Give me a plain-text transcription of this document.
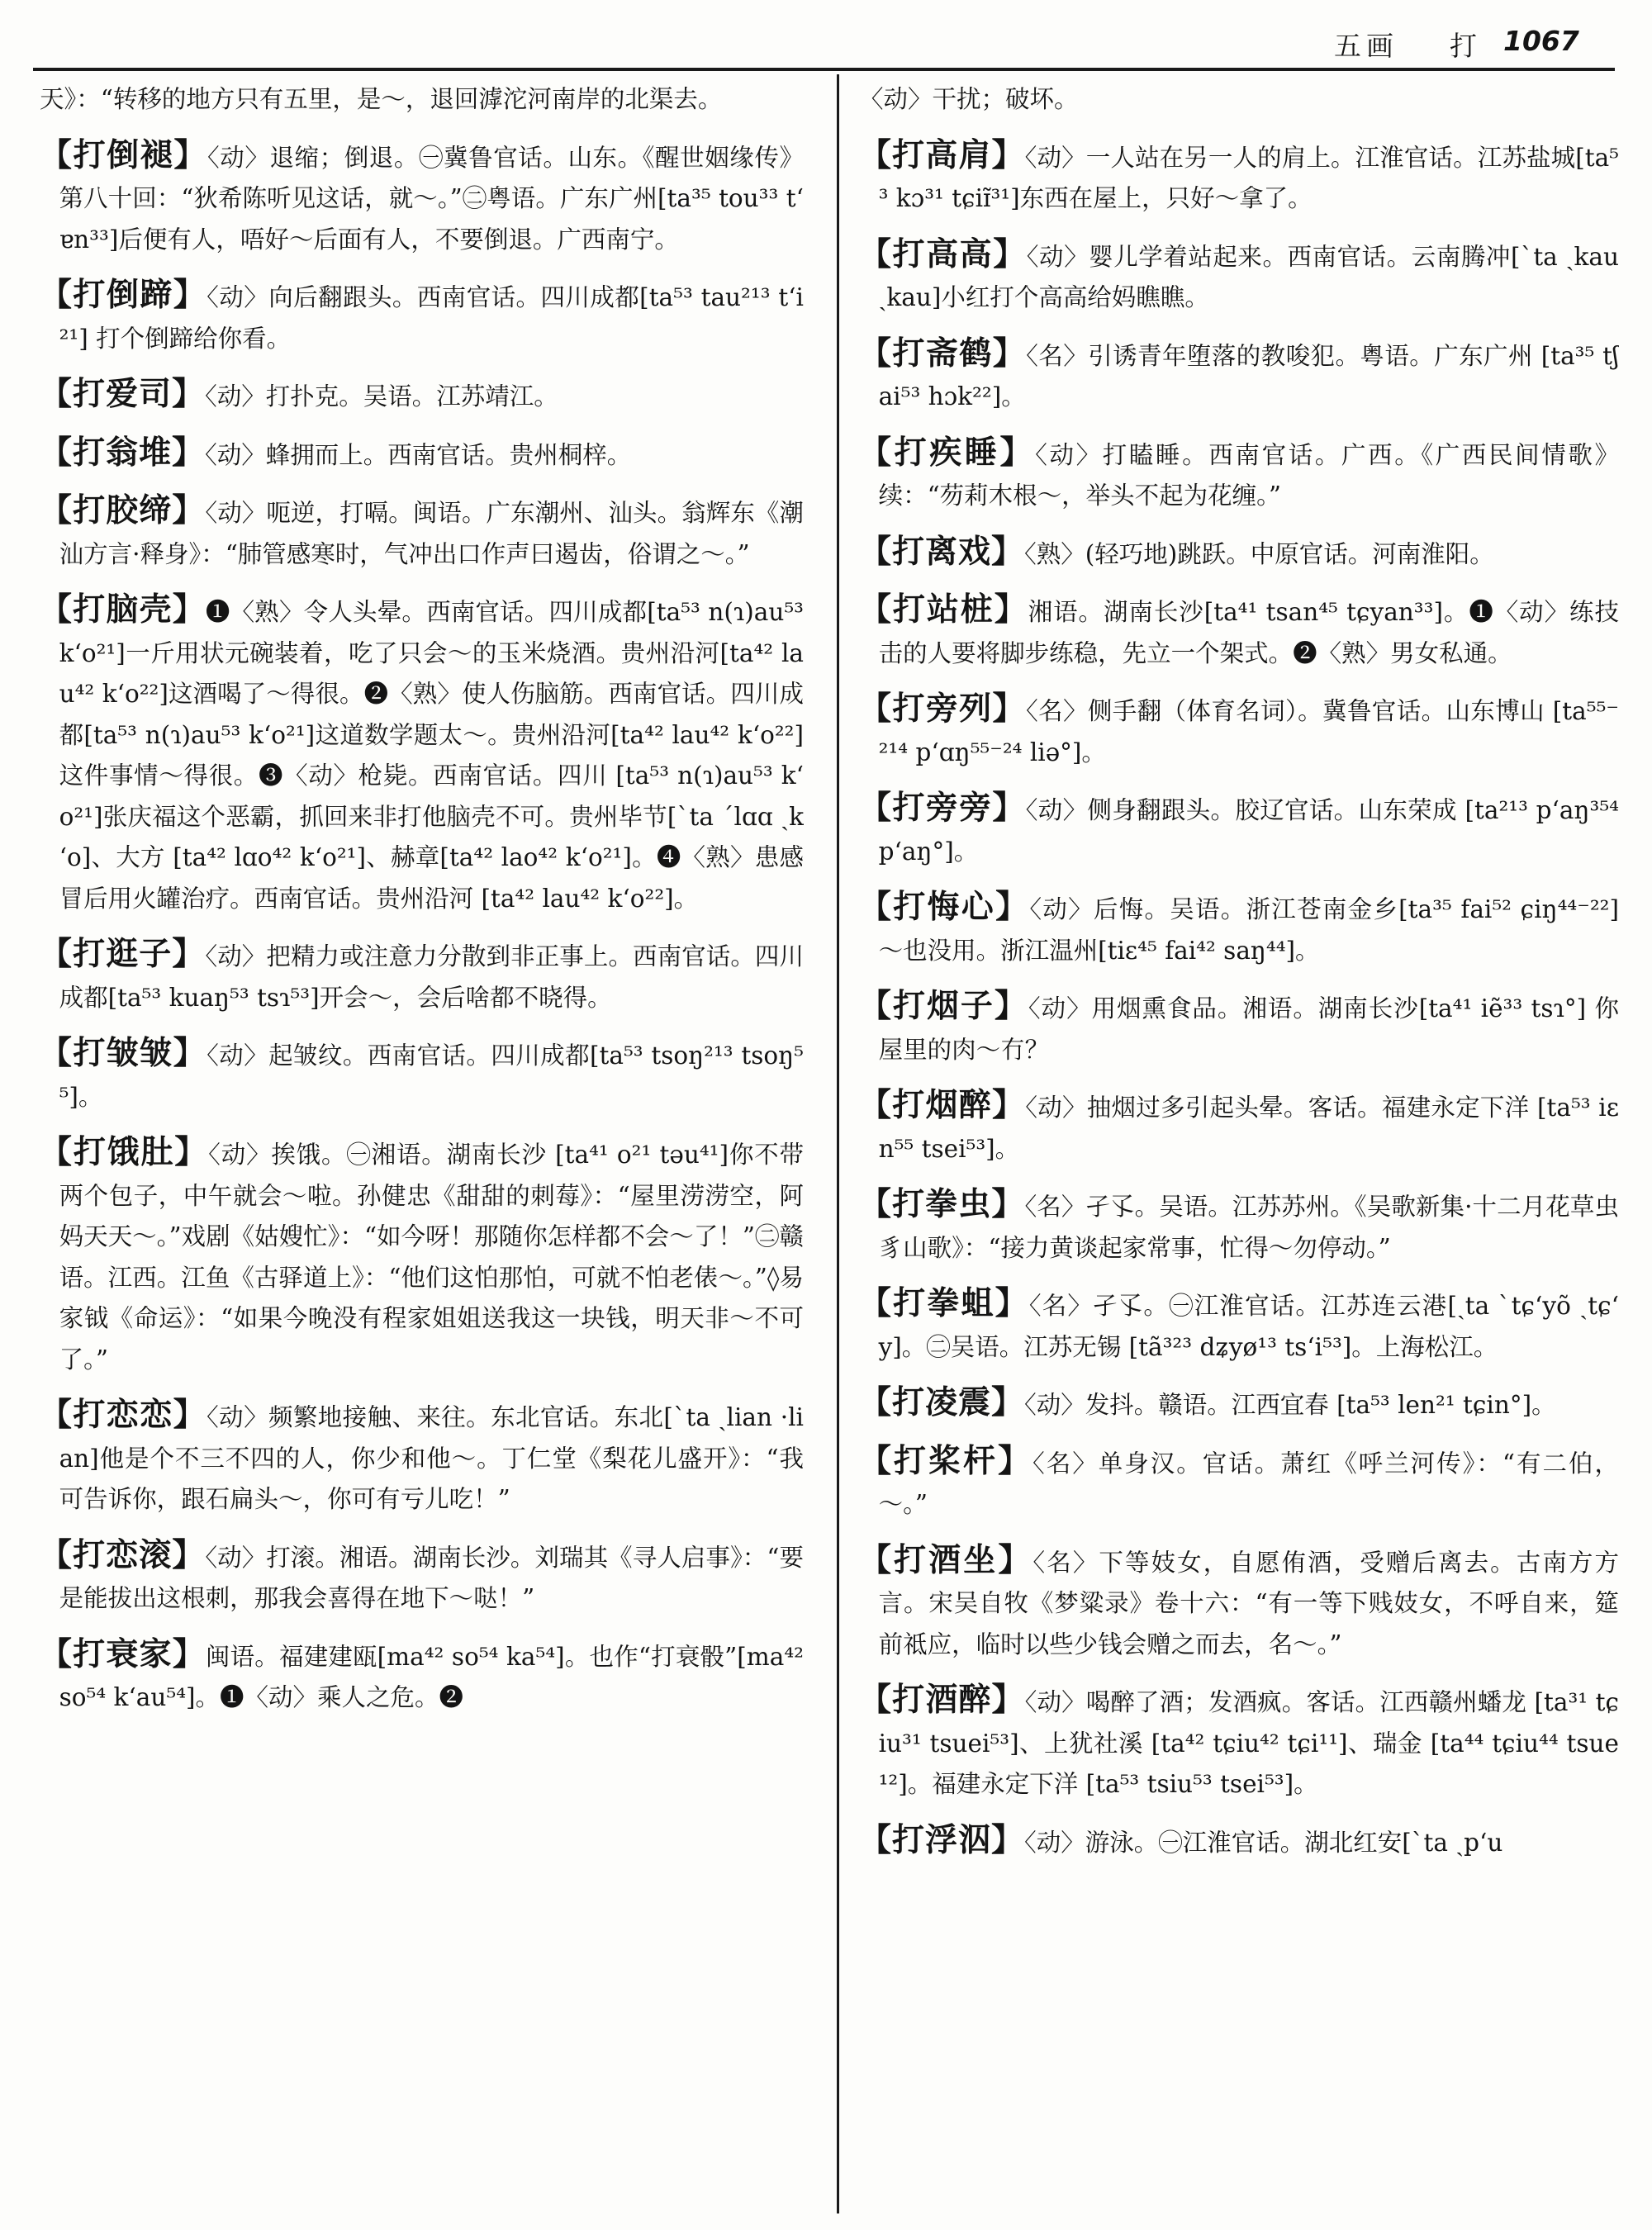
五画 打 1067

天》：“转移的地方只有五里，是～，退回滹沱河南岸的北渠去。

【打倒褪】〈动〉退缩；倒退。㊀冀鲁官话。山东。《醒世姻缘传》第八十回：“狄希陈听见这话，就～。”㊁粤语。广东广州[ta³⁵ tou³³ tʻɐn³³]后便有人，唔好～后面有人，不要倒退。广西南宁。

【打倒蹄】〈动〉向后翻跟头。西南官话。四川成都[ta⁵³ tau²¹³ tʻi²¹] 打个倒蹄给你看。

【打爱司】〈动〉打扑克。吴语。江苏靖江。

【打翁堆】〈动〉蜂拥而上。西南官话。贵州桐梓。

【打胶缔】〈动〉呃逆，打嗝。闽语。广东潮州、汕头。翁辉东《潮汕方言·释身》：“肺管感寒时，气冲出口作声曰遏齿，俗谓之～。”

【打脑壳】❶〈熟〉令人头晕。西南官话。四川成都[ta⁵³ n(ɿ)au⁵³ kʻo²¹]一斤用状元碗装着，吃了只会～的玉米烧酒。贵州沿河[ta⁴² lau⁴² kʻo²²]这酒喝了～得很。❷〈熟〉使人伤脑筋。西南官话。四川成都[ta⁵³ n(ɿ)au⁵³ kʻo²¹]这道数学题太～。贵州沿河[ta⁴² lau⁴² kʻo²²]这件事情～得很。❸〈动〉枪毙。西南官话。四川 [ta⁵³ n(ɿ)au⁵³ kʻo²¹]张庆福这个恶霸，抓回来非打他脑壳不可。贵州毕节[ˋta ˊlɑɑ ˏkʻo]、大方 [ta⁴² lɑo⁴² kʻo²¹]、赫章[ta⁴² lao⁴² kʻo²¹]。❹〈熟〉患感冒后用火罐治疗。西南官话。贵州沿河 [ta⁴² lau⁴² kʻo²²]。

【打逛子】〈动〉把精力或注意力分散到非正事上。西南官话。四川成都[ta⁵³ kuaŋ⁵³ tsɿ⁵³]开会～，会后啥都不晓得。

【打皱皱】〈动〉起皱纹。西南官话。四川成都[ta⁵³ tsoŋ²¹³ tsoŋ⁵⁵]。

【打饿肚】〈动〉挨饿。㊀湘语。湖南长沙 [ta⁴¹ o²¹ təu⁴¹]你不带两个包子，中午就会～啦。孙健忠《甜甜的刺莓》：“屋里涝涝空，阿妈天天～。”戏剧《姑嫂忙》：“如今呀！那随你怎样都不会～了！”㊁赣语。江西。江鱼《古驿道上》：“他们这怕那怕，可就不怕老俵～。”◊易家钺《命运》：“如果今晚没有程家姐姐送我这一块钱，明天非～不可了。”

【打恋恋】〈动〉频繁地接触、来往。东北官话。东北[ˋta ˏlian ·lian]他是个不三不四的人，你少和他～。丁仁堂《梨花儿盛开》：“我可告诉你，跟石扁头～，你可有亏儿吃！”

【打恋滚】〈动〉打滚。湘语。湖南长沙。刘瑞其《寻人启事》：“要是能拔出这根刺，那我会喜得在地下～哒！”

【打衰家】闽语。福建建瓯[ma⁴² so⁵⁴ ka⁵⁴]。也作“打衰骰”[ma⁴² so⁵⁴ kʻau⁵⁴]。❶〈动〉乘人之危。❷

〈动〉干扰；破坏。

【打高肩】〈动〉一人站在另一人的肩上。江淮官话。江苏盐城[ta⁵³ kɔ³¹ tɕiɪ̃³¹]东西在屋上，只好～拿了。

【打高高】〈动〉婴儿学着站起来。西南官话。云南腾冲[ˋta ˏkau ˏkau]小红打个高高给妈瞧瞧。

【打斋鹤】〈名〉引诱青年堕落的教唆犯。粤语。广东广州 [ta³⁵ tʃai⁵³ hɔk²²]。

【打疾睡】〈动〉打瞌睡。西南官话。广西。《广西民间情歌》续：“芴莉木根～，举头不起为花缠。”

【打离戏】〈熟〉(轻巧地)跳跃。中原官话。河南淮阳。

【打站桩】湘语。湖南长沙[ta⁴¹ tsan⁴⁵ tɕyan³³]。❶〈动〉练技击的人要将脚步练稳，先立一个架式。❷〈熟〉男女私通。

【打旁列】〈名〉侧手翻（体育名词）。冀鲁官话。山东博山 [ta⁵⁵⁻²¹⁴ pʻɑŋ⁵⁵⁻²⁴ liə°]。

【打旁旁】〈动〉侧身翻跟头。胶辽官话。山东荣成 [ta²¹³ pʻaŋ³⁵⁴ pʻaŋ°]。

【打悔心】〈动〉后悔。吴语。浙江苍南金乡[ta³⁵ fai⁵² ɕiŋ⁴⁴⁻²²]～也没用。浙江温州[tiɛ⁴⁵ fai⁴² saŋ⁴⁴]。

【打烟子】〈动〉用烟熏食品。湘语。湖南长沙[ta⁴¹ iẽ³³ tsɿ°] 你屋里的肉～冇？

【打烟醉】〈动〉抽烟过多引起头晕。客话。福建永定下洋 [ta⁵³ iɛn⁵⁵ tsei⁵³]。

【打拳虫】〈名〉孑孓。吴语。江苏苏州。《吴歌新集·十二月花草虫豸山歌》：“接力黄谈起家常事，忙得～勿停动。”

【打拳蛆】〈名〉孑孓。㊀江淮官话。江苏连云港[ˏta ˋtɕʻyõ ˏtɕʻy]。㊁吴语。江苏无锡 [tã³²³ dʑyø¹³ tsʻi⁵³]。上海松江。

【打凌震】〈动〉发抖。赣语。江西宜春 [ta⁵³ len²¹ tɕin°]。

【打桨杆】〈名〉单身汉。官话。萧红《呼兰河传》：“有二伯，～。”

【打酒坐】〈名〉下等妓女，自愿侑酒，受赠后离去。古南方方言。宋吴自牧《梦粱录》卷十六：“有一等下贱妓女，不呼自来，筵前祗应，临时以些少钱会赠之而去，名～。”

【打酒醉】〈动〉喝醉了酒；发酒疯。客话。江西赣州蟠龙 [ta³¹ tɕiu³¹ tsuei⁵³]、上犹社溪 [ta⁴² tɕiu⁴² tɕi¹¹]、瑞金 [ta⁴⁴ tɕiu⁴⁴ tsue¹²]。福建永定下洋 [ta⁵³ tsiu⁵³ tsei⁵³]。

【打浮泅】〈动〉游泳。㊀江淮官话。湖北红安[ˋta ˏpʻu
